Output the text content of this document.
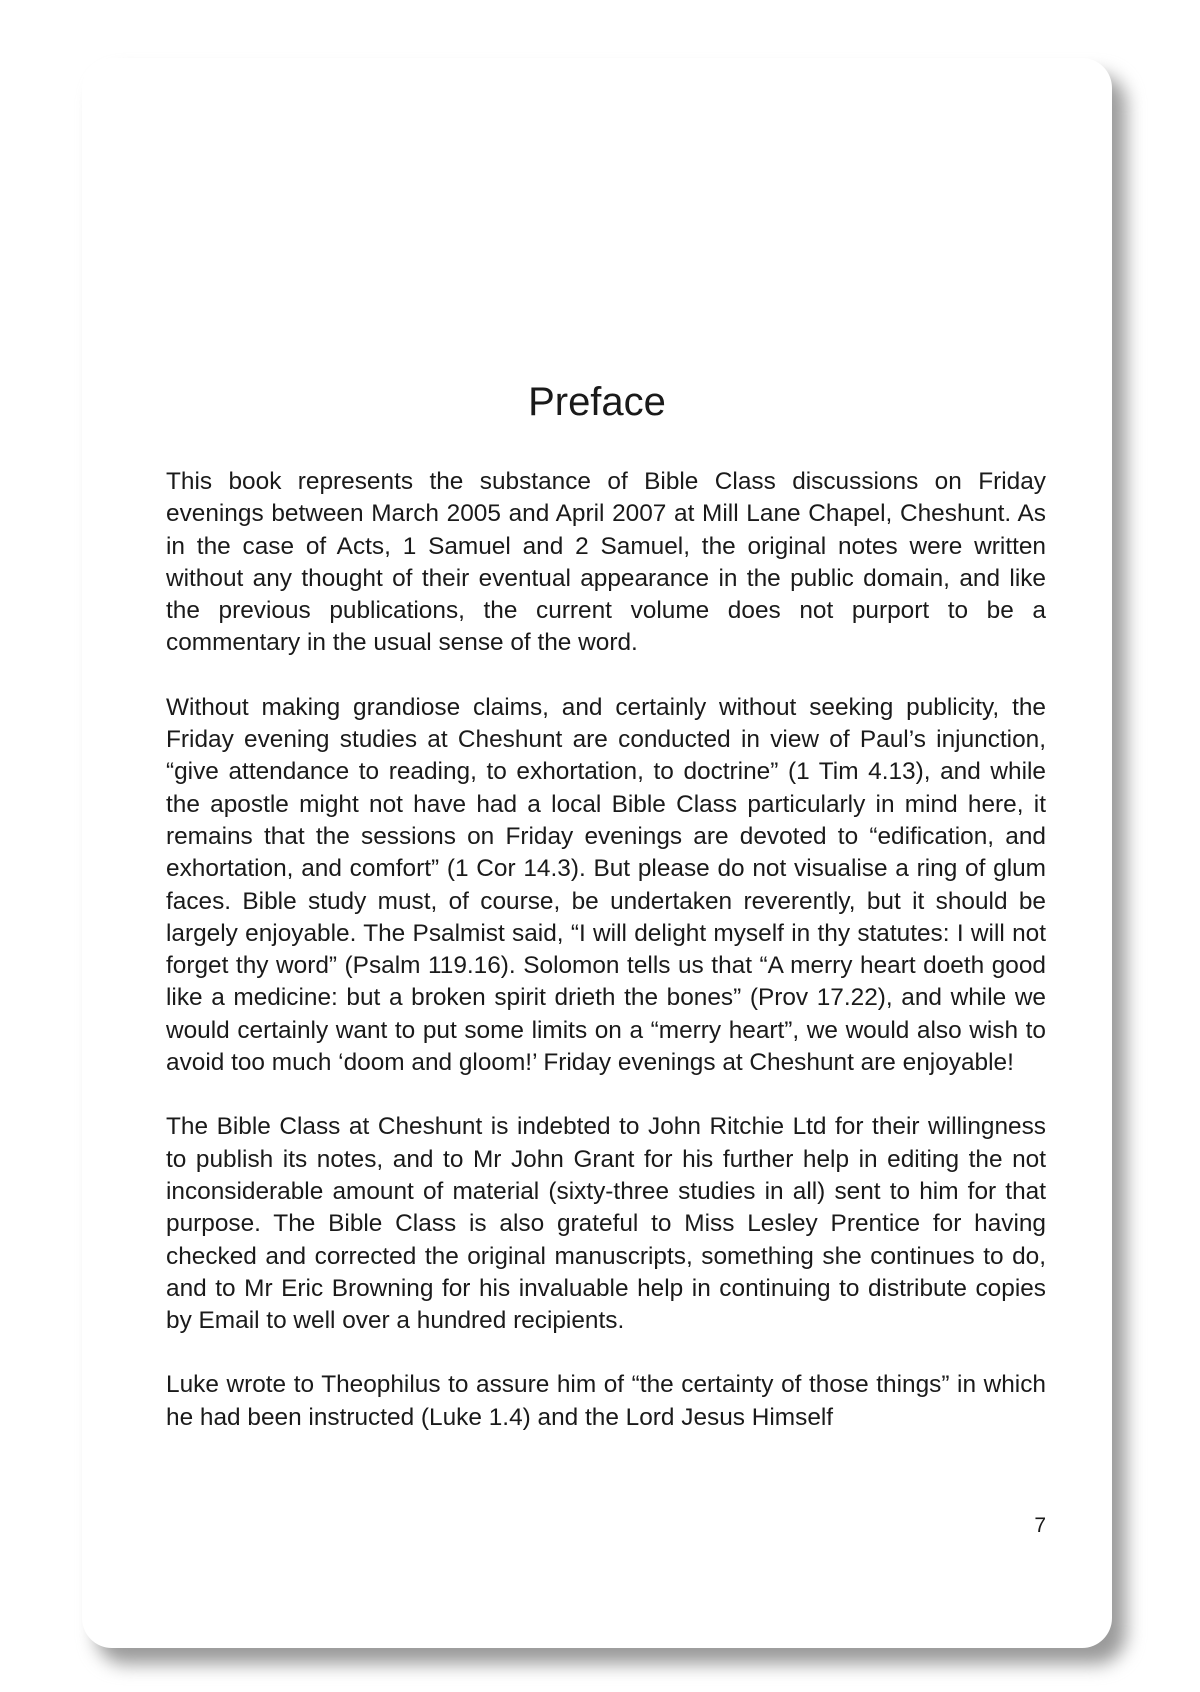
Preface

This book represents the substance of Bible Class discussions on Friday evenings between March 2005 and April 2007 at Mill Lane Chapel, Cheshunt. As in the case of Acts, 1 Samuel and 2 Samuel, the original notes were written without any thought of their eventual appearance in the public domain, and like the previous publications, the current volume does not purport to be a commentary in the usual sense of the word.

Without making grandiose claims, and certainly without seeking publicity, the Friday evening studies at Cheshunt are conducted in view of Paul’s injunction, “give attendance to reading, to exhortation, to doctrine” (1 Tim 4.13), and while the apostle might not have had a local Bible Class particularly in mind here, it remains that the sessions on Friday evenings are devoted to “edification, and exhortation, and comfort” (1 Cor 14.3). But please do not visualise a ring of glum faces. Bible study must, of course, be undertaken reverently, but it should be largely enjoyable. The Psalmist said, “I will delight myself in thy statutes: I will not forget thy word” (Psalm 119.16). Solomon tells us that “A merry heart doeth good like a medicine: but a broken spirit drieth the bones” (Prov 17.22), and while we would certainly want to put some limits on a “merry heart”, we would also wish to avoid too much ‘doom and gloom!’ Friday evenings at Cheshunt are enjoyable!

The Bible Class at Cheshunt is indebted to John Ritchie Ltd for their willingness to publish its notes, and to Mr John Grant for his further help in editing the not inconsiderable amount of material (sixty-three studies in all) sent to him for that purpose. The Bible Class is also grateful to Miss Lesley Prentice for having checked and corrected the original manuscripts, something she continues to do, and to Mr Eric Browning for his invaluable help in continuing to distribute copies by Email to well over a hundred recipients.

Luke wrote to Theophilus to assure him of “the certainty of those things” in which he had been instructed (Luke 1.4) and the Lord Jesus Himself

7
